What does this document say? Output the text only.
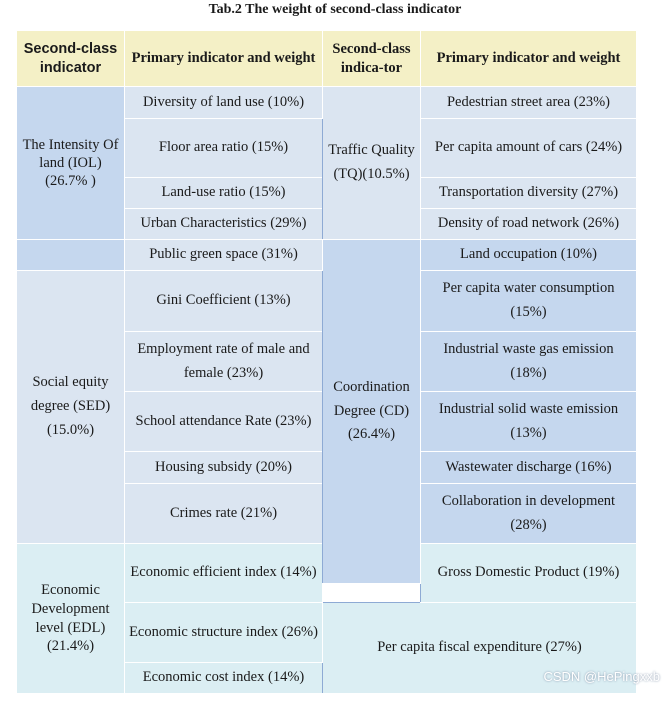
Tab.2 The weight of second-class indicator
Second-class indicator	Primary indicator and weight	Second-class indica-tor	Primary indicator and weight
The Intensity Of land (IOL)(26.7% )	Diversity of land use (10%)	Traffic Quality (TQ)(10.5%)	Pedestrian street area (23%)
	Floor area ratio (15%)		Per capita amount of cars (24%)
	Land-use ratio (15%)		Transportation diversity (27%)
	Urban Characteristics (29%)		Density of road network (26%)
	Public green space (31%)	Coordination Degree (CD)(26.4%)	Land occupation (10%)
Social equity degree (SED)(15.0%)	Gini Coefficient (13%)		Per capita water consumption (15%)
	Employment rate of male and female (23%)		Industrial waste gas emission (18%)
	School attendance Rate (23%)		Industrial solid waste emission (13%)
	Housing subsidy (20%)		Wastewater discharge (16%)
	Crimes rate (21%)		Collaboration in development (28%)
Economic Development level (EDL)(21.4%)	Economic efficient index (14%)		Gross Domestic Product (19%)

	Economic structure index (26%)	Per capita fiscal expenditure (27%)	
	Economic cost index (14%)			CSDN @HePingxxb
